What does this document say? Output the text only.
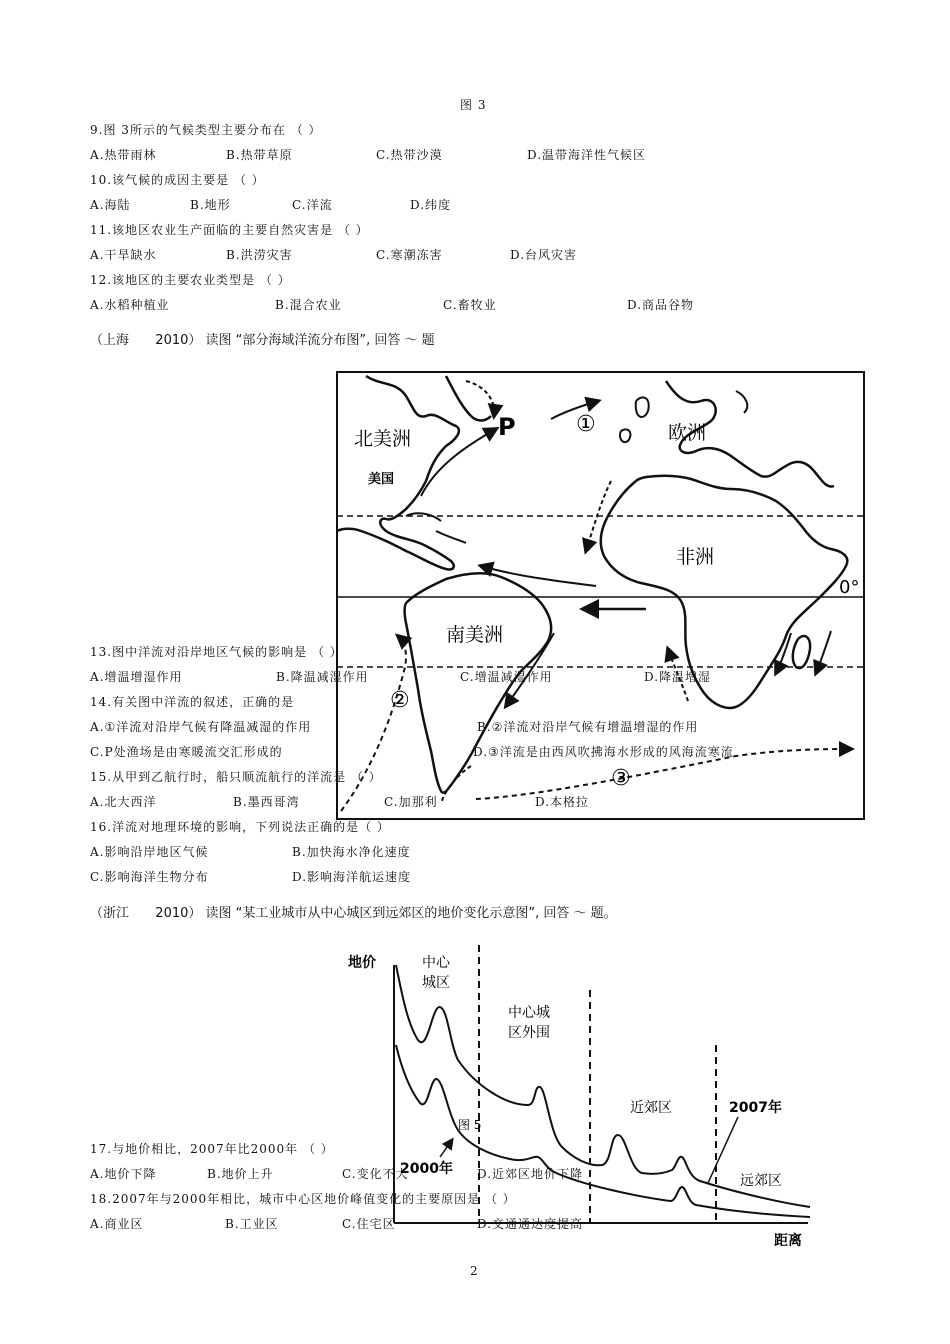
图 3
9.图 3所示的气候类型主要分布在 （ ）
A.热带雨林	B.热带草原	C.热带沙漠	D.温带海洋性气候区
10.该气候的成因主要是 （ ）
A.海陆	B.地形	C.洋流	D.纬度
11.该地区农业生产面临的主要自然灾害是 （ ）
A.干旱缺水	B.洪涝灾害	C.寒潮冻害	D.台风灾害
12.该地区的主要农业类型是 （ ）
A.水稻种植业	B.混合农业	C.畜牧业	D.商品谷物
（上海 2010） 读图 “部分海域洋流分布图”, 回答 ～ 题
北美洲
美国
P	①	欧洲
非洲
0°
南美洲
②
③
13.图中洋流对沿岸地区气候的影响是 （ ）
A.增温增湿作用	B.降温减湿作用	C.增温减湿作用	D.降温增湿
14.有关图中洋流的叙述，正确的是
A.①洋流对沿岸气候有降温减湿的作用	B.②洋流对沿岸气候有增温增湿的作用
C.P处渔场是由寒暖流交汇形成的	D.③洋流是由西风吹拂海水形成的风海流寒流
15.从甲到乙航行时，船只顺流航行的洋流是 （ ）
A.北大西洋	B.墨西哥湾	C.加那利	D.本格拉
16.洋流对地理环境的影响，下列说法正确的是（ ）
A.影响沿岸地区气候	B.加快海水净化速度
C.影响海洋生物分布	D.影响海洋航运速度
（浙江 2010） 读图 “某工业城市从中心城区到远郊区的地价变化示意图”, 回答 ～ 题。
地价
距离
中心城区
中心城区外围
近郊区
远郊区
2000年
2007年
图 5
17.与地价相比，2007年比2000年 （ ）
A.地价下降	B.地价上升	C.变化不大	D.近郊区地价下降
18.2007年与2000年相比，城市中心区地价峰值变化的主要原因是 （ ）
A.商业区	B.工业区	C.住宅区	D.交通通达度提高
2
